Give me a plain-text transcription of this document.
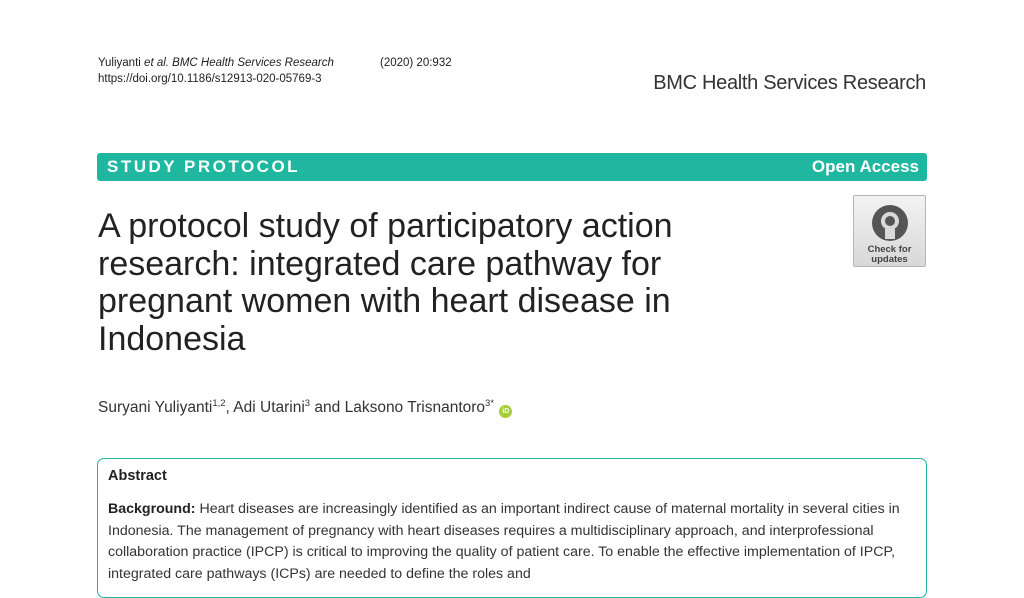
Yuliyanti et al. BMC Health Services Research	(2020) 20:932
https://doi.org/10.1186/s12913-020-05769-3	BMC Health Services Research
STUDY PROTOCOL	Open Access
A protocol study of participatory action research: integrated care pathway for pregnant women with heart disease in Indonesia
Check for
updates
Suryani Yuliyanti$^{1,2}$, Adi Utarini$^3$ and Laksono Trisnantoro$^{3*}$ iD
Abstract
Background: Heart diseases are increasingly identified as an important indirect cause of maternal mortality in several cities in Indonesia. The management of pregnancy with heart diseases requires a multidisciplinary approach, and interprofessional collaboration practice (IPCP) is critical to improving the quality of patient care. To enable the effective implementation of IPCP, integrated care pathways (ICPs) are needed to define the roles and
